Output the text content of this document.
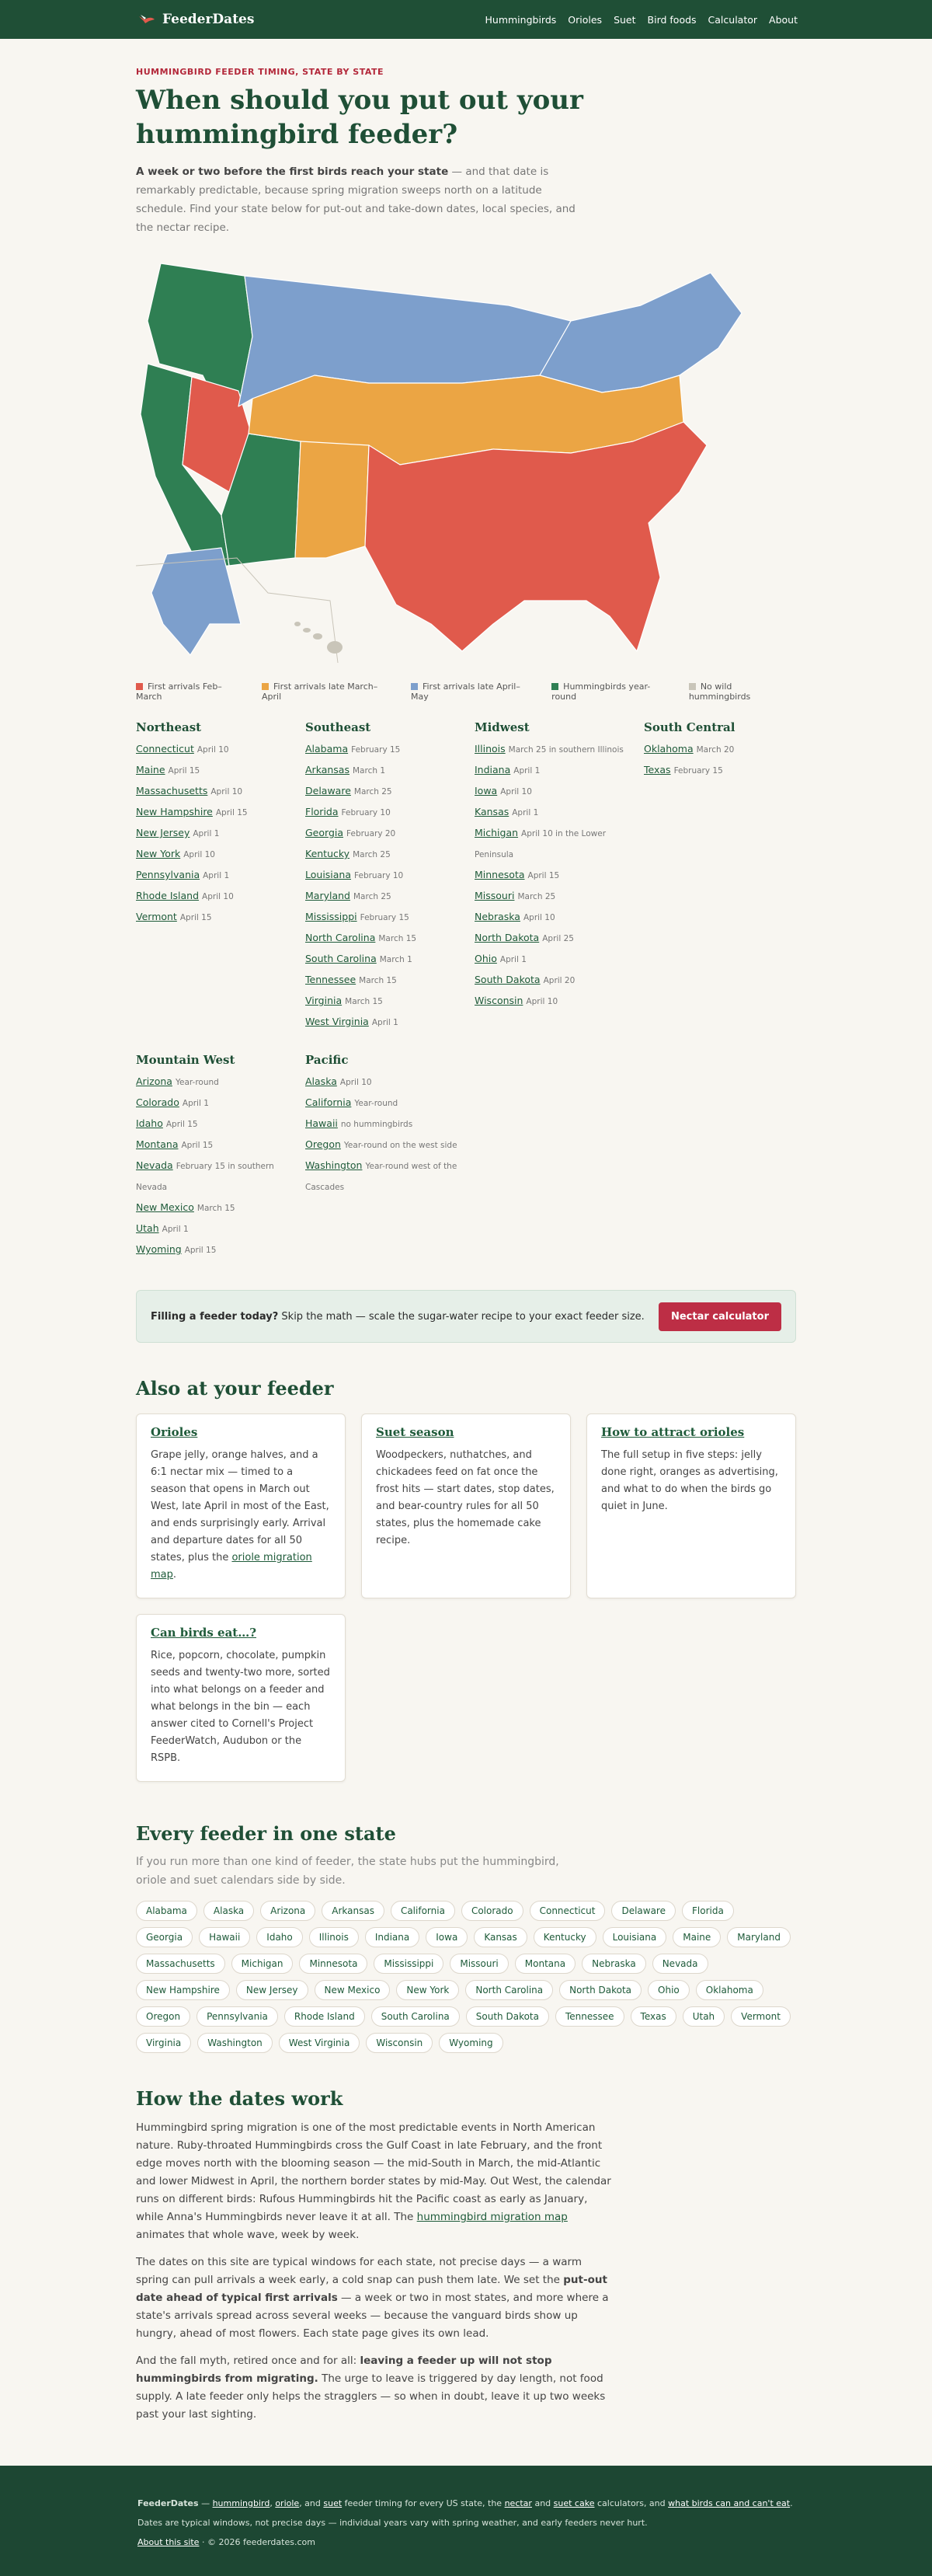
FeederDates	Hummingbirds Orioles Suet Bird foods Calculator About
HUMMINGBIRD FEEDER TIMING, STATE BY STATE
When should you put out your hummingbird feeder?

A week or two before the first birds reach your state — and that date is remarkably predictable, because spring migration sweeps north on a latitude schedule. Find your state below for put-out and take-down dates, local species, and the nectar recipe.

First arrivals Feb–March
First arrivals late March–April
First arrivals late April–May
Hummingbirds year-round
No wild hummingbirds
Northeast
Connecticut April 10
Maine April 15
Massachusetts April 10
New Hampshire April 15
New Jersey April 1
New York April 10
Pennsylvania April 1
Rhode Island April 10
Vermont April 15
Southeast
Alabama February 15
Arkansas March 1
Delaware March 25
Florida February 10
Georgia February 20
Kentucky March 25
Louisiana February 10
Maryland March 25
Mississippi February 15
North Carolina March 15
South Carolina March 1
Tennessee March 15
Virginia March 15
West Virginia April 1
Midwest
Illinois March 25 in southern Illinois
Indiana April 1
Iowa April 10
Kansas April 1
Michigan April 10 in the Lower Peninsula
Minnesota April 15
Missouri March 25
Nebraska April 10
North Dakota April 25
Ohio April 1
South Dakota April 20
Wisconsin April 10
South Central
Oklahoma March 20
Texas February 15
Mountain West
Arizona Year-round
Colorado April 1
Idaho April 15
Montana April 15
Nevada February 15 in southern Nevada
New Mexico March 15
Utah April 1
Wyoming April 15
Pacific
Alaska April 10
California Year-round
Hawaii no hummingbirds
Oregon Year-round on the west side
Washington Year-round west of the Cascades

Filling a feeder today? Skip the math — scale the sugar-water recipe to your exact feeder size.	Nectar calculator
Also at your feeder
Orioles

Grape jelly, orange halves, and a 6:1 nectar mix — timed to a season that opens in March out West, late April in most of the East, and ends surprisingly early. Arrival and departure dates for all 50 states, plus the oriole migration map.

Suet season

Woodpeckers, nuthatches, and chickadees feed on fat once the frost hits — start dates, stop dates, and bear-country rules for all 50 states, plus the homemade cake recipe.

How to attract orioles

The full setup in five steps: jelly done right, oranges as advertising, and what to do when the birds go quiet in June.

Can birds eat…?

Rice, popcorn, chocolate, pumpkin seeds and twenty-two more, sorted into what belongs on a feeder and what belongs in the bin — each answer cited to Cornell's Project FeederWatch, Audubon or the RSPB.

Every feeder in one state

If you run more than one kind of feeder, the state hubs put the hummingbird, oriole and suet calendars side by side.

Alabama	Alaska	Arizona	Arkansas	California	Colorado	Connecticut	Delaware	Florida
Georgia	Hawaii	Idaho	Illinois	Indiana	Iowa	Kansas	Kentucky	Louisiana	Maine	Maryland
Massachusetts	Michigan	Minnesota	Mississippi	Missouri	Montana	Nebraska	Nevada
New Hampshire	New Jersey	New Mexico	New York	North Carolina	North Dakota	Ohio	Oklahoma
Oregon	Pennsylvania	Rhode Island	South Carolina	South Dakota	Tennessee	Texas	Utah	Vermont
Virginia	Washington	West Virginia	Wisconsin	Wyoming
How the dates work

Hummingbird spring migration is one of the most predictable events in North American nature. Ruby-throated Hummingbirds cross the Gulf Coast in late February, and the front edge moves north with the blooming season — the mid-South in March, the mid-Atlantic and lower Midwest in April, the northern border states by mid-May. Out West, the calendar runs on different birds: Rufous Hummingbirds hit the Pacific coast as early as January, while Anna's Hummingbirds never leave it at all. The hummingbird migration map animates that whole wave, week by week.

The dates on this site are typical windows for each state, not precise days — a warm spring can pull arrivals a week early, a cold snap can push them late. We set the put-out date ahead of typical first arrivals — a week or two in most states, and more where a state's arrivals spread across several weeks — because the vanguard birds show up hungry, ahead of most flowers. Each state page gives its own lead.

And the fall myth, retired once and for all: leaving a feeder up will not stop hummingbirds from migrating. The urge to leave is triggered by day length, not food supply. A late feeder only helps the stragglers — so when in doubt, leave it up two weeks past your last sighting.

FeederDates — hummingbird, oriole, and suet feeder timing for every US state, the nectar and suet cake calculators, and what birds can and can't eat.
Dates are typical windows, not precise days — individual years vary with spring weather, and early feeders never hurt.
About this site · © 2026 feederdates.com
